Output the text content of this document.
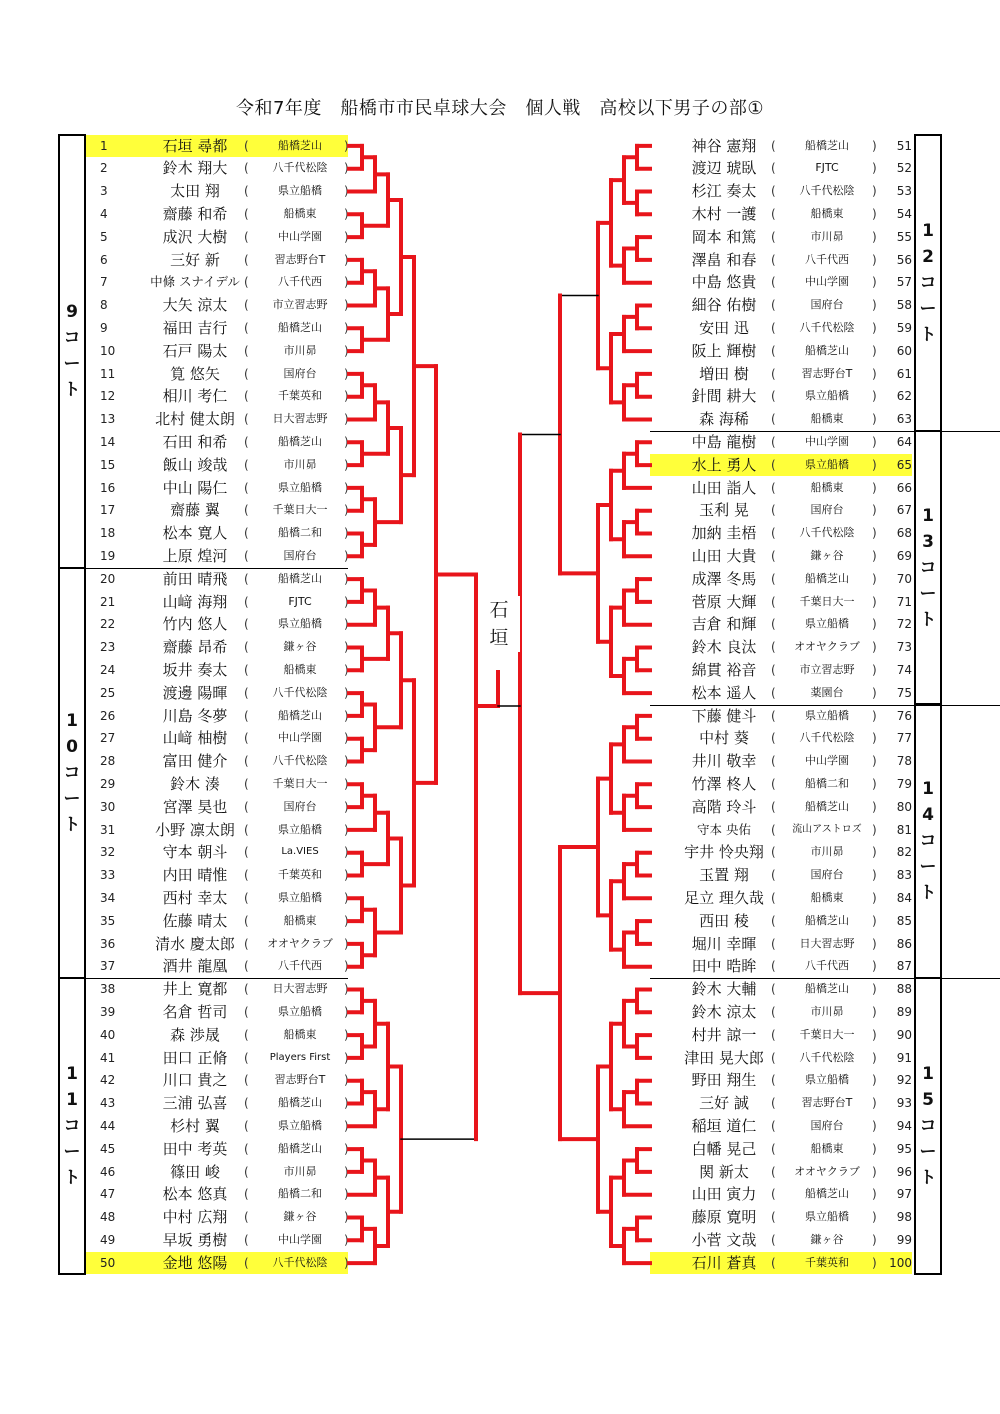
令和7年度　船橋市市民卓球大会　個人戦　高校以下男子の部①
9
コ
ー
ト
1
0
コ
ー
ト
1
1
コ
ー
ト
1
2
コ
ー
ト
1
3
コ
ー
ト
1
4
コ
ー
ト
1
5
コ
ー
ト
1	石垣 尋都	(	船橋芝山	)
2	鈴木 翔大	(	八千代松陰	)
3	太田 翔	(	県立船橋	)
4	齋藤 和希	(	船橋東	)
5	成沢 大樹	(	中山学園	)
6	三好 新	(	習志野台T	)
7	中條 スナイデル (	八千代西	)
8	大矢 涼太	(	市立習志野	)
9	福田 吉行	(	船橋芝山	)
10	石戸 陽太	(	市川昴	)
11	筧 悠矢	(	国府台	)
12	相川 考仁	(	千葉英和	)
13	北村 健太朗 (	日大習志野	)
14	石田 和希	(	船橋芝山	)
15	飯山 竣哉	(	市川昴	)
16	中山 陽仁	(	県立船橋	)
17	齋藤 翼	(	千葉日大一	)
18	松本 寛人	(	船橋二和	)
19	上原 煌河	(	国府台	)
20	前田 晴飛	(	船橋芝山	)
21	山﨑 海翔	(	FJTC	)
22	竹内 悠人	(	県立船橋	)
23	齋藤 昂希	(	鎌ヶ谷	)
24	坂井 奏太	(	船橋東	)
25	渡邊 陽暉	(	八千代松陰	)
26	川島 冬夢	(	船橋芝山	)
27	山﨑 柚樹	(	中山学園	)
28	富田 健介	(	八千代松陰	)
29	鈴木 湊	(	千葉日大一	)
30	宮澤 昊也	(	国府台	)
31	小野 凛太朗 (	県立船橋	)
32	守本 朝斗	(	La.VIES	)
33	内田 晴惟	(	千葉英和	)
34	西村 幸太	(	県立船橋	)
35	佐藤 晴太	(	船橋東	)
36	清水 慶太郎 (	オオヤクラブ )
37	酒井 龍凰	(	八千代西	)
38	井上 寛都	(	日大習志野	)
39	名倉 哲司	(	県立船橋	)
40	森 渉晟	(	船橋東	)
41	田口 正脩	(	Players First	)
42	川口 貴之	(	習志野台T	)
43	三浦 弘喜	(	船橋芝山	)
44	杉村 翼	(	県立船橋	)
45	田中 考英	(	船橋芝山	)
46	篠田 峻	(	市川昴	)
47	松本 悠真	(	船橋二和	)
48	中村 広翔	(	鎌ヶ谷	)
49	早坂 勇樹	(	中山学園	)
50	金地 悠陽	(	八千代松陰	)
神谷 憲翔	(	船橋芝山	)	51
渡辺 琥臥	(	FJTC	)	52
杉江 奏太	(	八千代松陰	)	53
木村 一護	(	船橋東	)	54
岡本 和篤	(	市川昴	)	55
澤畠 和春	(	八千代西	)	56
中島 悠貴	(	中山学園	)	57
細谷 佑樹	(	国府台	)	58
安田 迅	(	八千代松陰	)	59
阪上 輝樹	(	船橋芝山	)	60
増田 樹	(	習志野台T	)	61
針間 耕大	(	県立船橋	)	62
森 海稀	(	船橋東	)	63
中島 龍樹	(	中山学園	)	64
水上 勇人	(	県立船橋	)	65
山田 詣人	(	船橋東	)	66
玉利 晃	(	国府台	)	67
加納 圭梧	(	八千代松陰	)	68
山田 大貴	(	鎌ヶ谷	)	69
成澤 冬馬	(	船橋芝山	)	70
菅原 大輝	(	千葉日大一	)	71
吉倉 和輝	(	県立船橋	)	72
鈴木 良汰	(	オオヤクラブ	)	73
綿貫 裕音	(	市立習志野	)	74
松本 遥人	(	薬園台	)	75
下藤 健斗	(	県立船橋	)	76
中村 葵	(	八千代松陰	)	77
井川 敬幸	(	中山学園	)	78
竹澤 柊人	(	船橋二和	)	79
高階 玲斗	(	船橋芝山	)	80
守本 央佑	(	流山アストロズ )	81
宇井 怜央翔 (	市川昴	)	82
玉置 翔	(	国府台	)	83
足立 理久哉 (	船橋東	)	84
西田 稜	(	船橋芝山	)	85
堀川 幸暉	(	日大習志野	)	86
田中 晧眸	(	八千代西	)	87
鈴木 大輔	(	船橋芝山	)	88
鈴木 涼太	(	市川昴	)	89
村井 諒一	(	千葉日大一	)	90
津田 晃大郎 (	八千代松陰	)	91
野田 翔生	(	県立船橋	)	92
三好 誠	(	習志野台T	)	93
稲垣 道仁	(	国府台	)	94
白幡 晃己	(	船橋東	)	95
関 新太	(	オオヤクラブ	)	96
山田 寅力	(	船橋芝山	)	97
藤原 寛明	(	県立船橋	)	98
小菅 文哉	(	鎌ヶ谷	)	99
石川 蒼真	(	千葉英和	) 100
石
垣
